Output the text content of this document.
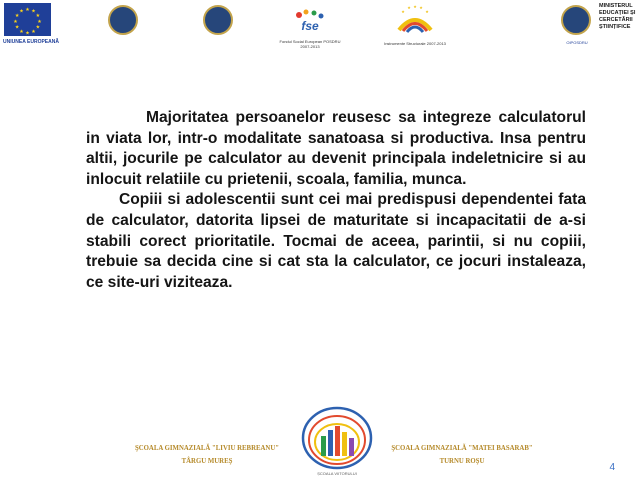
★ ★
★
★
★
★
★
★
★
★
★
★
UNIUNEA EUROPEANĂ
fse
Fondul Social European POSDRU 2007-2013
★
★ ★ ★
★
Instrumente Structurale 2007-2013
MINISTERUL
EDUCAȚIEI ȘI
CERCETĂRII
ȘTIINȚIFICE
OIPOSDRU

Majoritatea persoanelor reusesc sa integreze calculatorul in viata lor, intr-o modalitate sanatoasa si productiva. Insa pentru altii, jocurile pe calculator au devenit principala indeletnicire si au inlocuit relatiile cu prietenii, scoala, familia, munca.

Copiii si adolescentii sunt cei mai predispusi dependentei fata de calculator, datorita lipsei de maturitate si incapacitatii de a-si stabili corect prioritatile. Tocmai de aceea, parintii, si nu copiii, trebuie sa decida cine si cat sta la calculator, ce jocuri instaleaza, ce site-uri viziteaza.

ŞCOALA GIMNAZIALĂ "LIVIU REBREANU"
TÂRGU MUREŞ
ȘCOALA VIITORULUI
ŞCOALA GIMNAZIALĂ "MATEI BASARAB"
TURNU ROŞU
4
